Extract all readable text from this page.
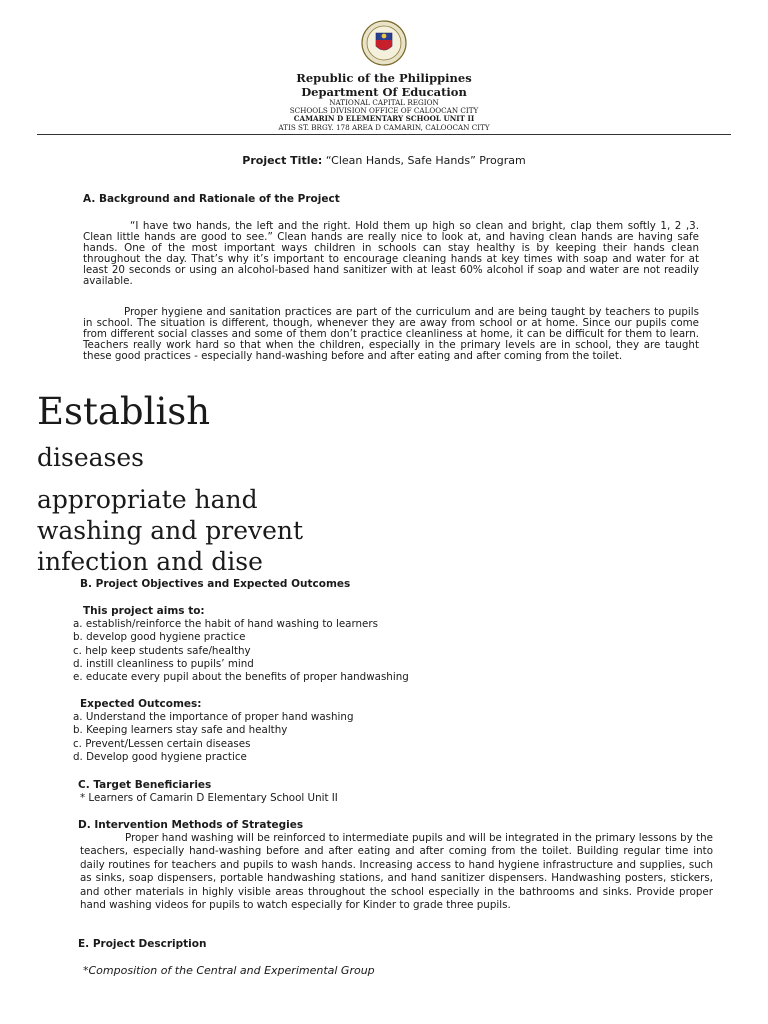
Republic of the Philippines
Department Of Education
NATIONAL CAPITAL REGION
SCHOOLS DIVISION OFFICE OF CALOOCAN CITY
CAMARIN D ELEMENTARY SCHOOL UNIT II
ATIS ST. BRGY. 178 AREA D CAMARIN, CALOOCAN CITY
Project Title: “Clean Hands, Safe Hands” Program
A. Background and Rationale of the Project
“I have two hands, the left and the right. Hold them up high so clean and bright, clap them softly 1, 2 ,3. Clean little hands are good to see.” Clean hands are really nice to look at, and having clean hands are having safe hands. One of the most important ways children in schools can stay healthy is by keeping their hands clean throughout the day. That’s why it’s important to encourage cleaning hands at key times with soap and water for at least 20 seconds or using an alcohol-based hand sanitizer with at least 60% alcohol if soap and water are not readily available.
Proper hygiene and sanitation practices are part of the curriculum and are being taught by teachers to pupils in school. The situation is different, though, whenever they are away from school or at home. Since our pupils come from different social classes and some of them don’t practice cleanliness at home, it can be difficult for them to learn. Teachers really work hard so that when the children, especially in the primary levels are in school, they are taught these good practices - especially hand-washing before and after eating and after coming from the toilet.
Establish
diseases
appropriate hand
washing and prevent
infection and dise
B. Project Objectives and Expected Outcomes
This project aims to:
a. establish/reinforce the habit of hand washing to learners
b. develop good hygiene practice
c. help keep students safe/healthy
d. instill cleanliness to pupils’ mind
e. educate every pupil about the benefits of proper handwashing
Expected Outcomes:
a. Understand the importance of proper hand washing
b. Keeping learners stay safe and healthy
c. Prevent/Lessen certain diseases
d. Develop good hygiene practice
C. Target Beneficiaries
* Learners of Camarin D Elementary School Unit II
D. Intervention Methods of Strategies
Proper hand washing will be reinforced to intermediate pupils and will be integrated in the primary lessons by the teachers, especially hand-washing before and after eating and after coming from the toilet. Building regular time into daily routines for teachers and pupils to wash hands. Increasing access to hand hygiene infrastructure and supplies, such as sinks, soap dispensers, portable handwashing stations, and hand sanitizer dispensers. Handwashing posters, stickers, and other materials in highly visible areas throughout the school especially in the bathrooms and sinks. Provide proper hand washing videos for pupils to watch especially for Kinder to grade three pupils.
E. Project Description
*Composition of the Central and Experimental Group
